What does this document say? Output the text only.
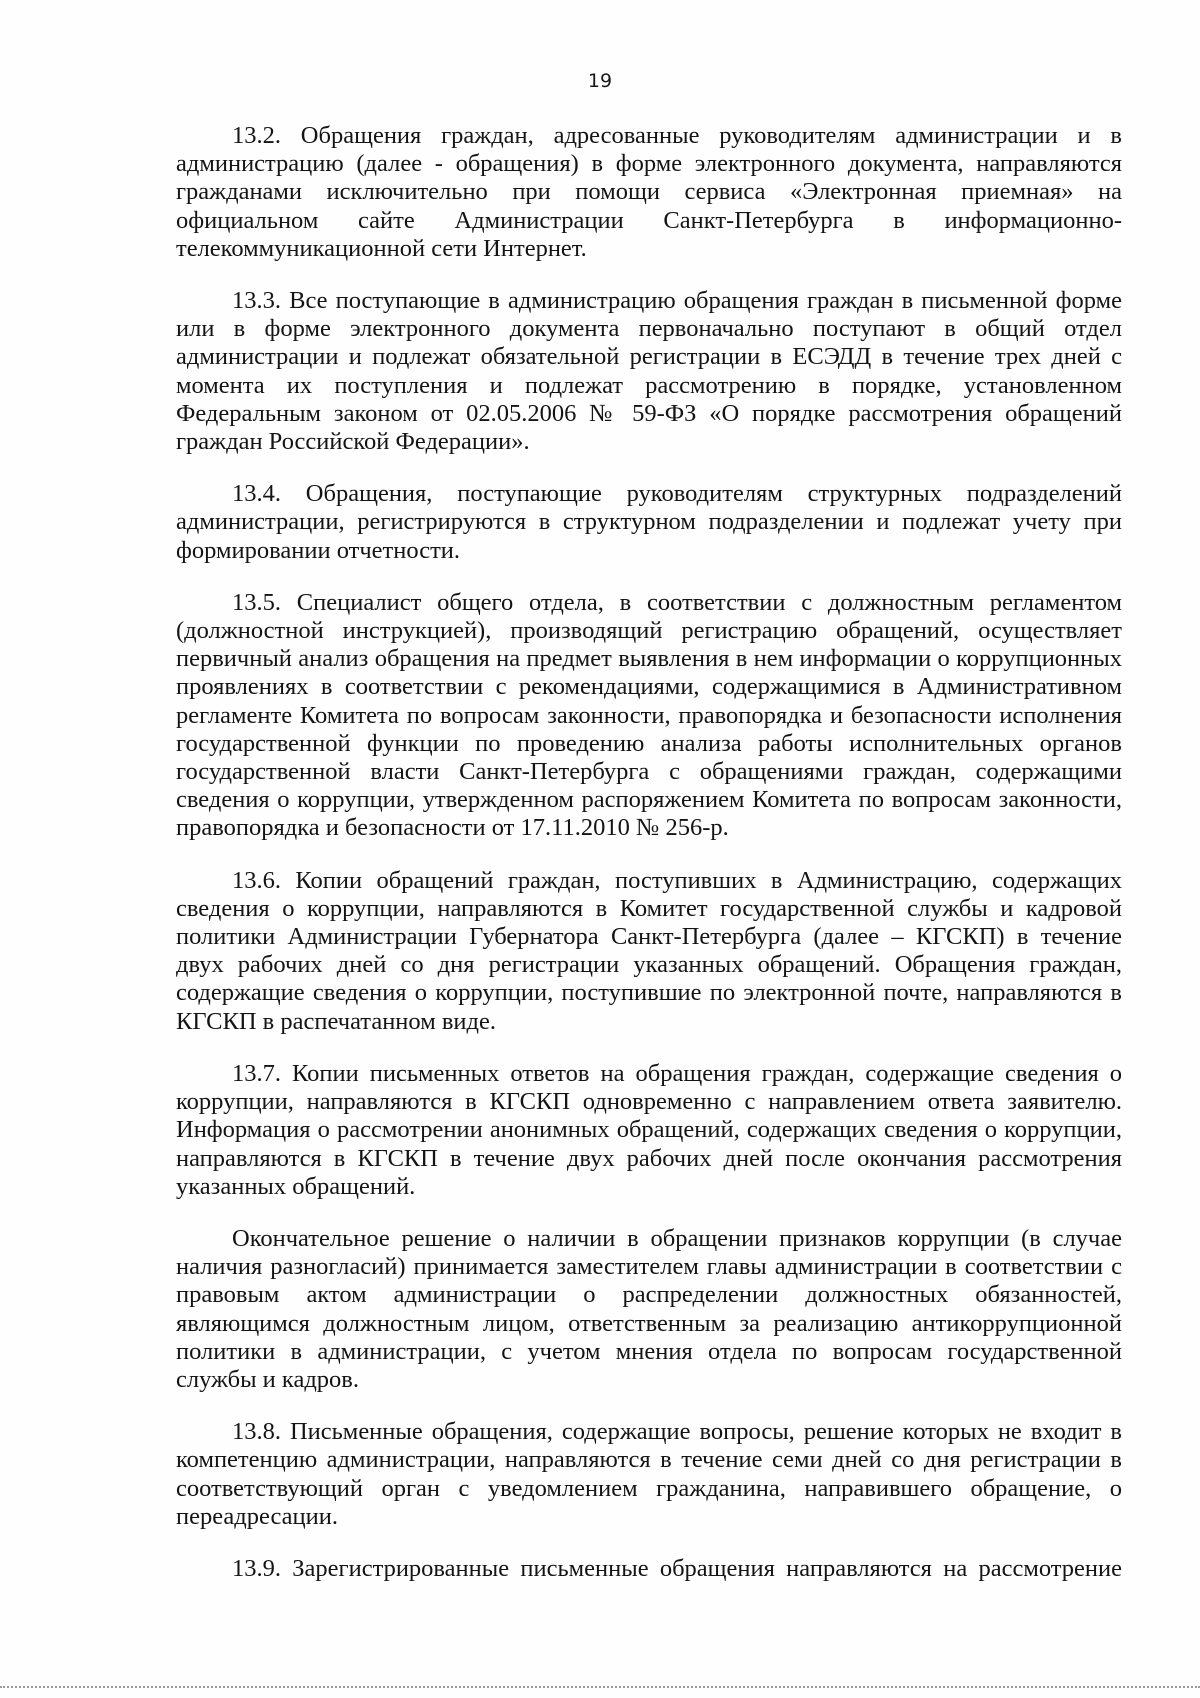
19

13.2. Обращения граждан, адресованные руководителям администрации и в администрацию (далее - обращения) в форме электронного документа, направляются гражданами исключительно при помощи сервиса «Электронная приемная» на официальном сайте Администрации Санкт-Петербурга в информационно-телекоммуникационной сети Интернет.

13.3. Все поступающие в администрацию обращения граждан в письменной форме или в форме электронного документа первоначально поступают в общий отдел администрации и подлежат обязательной регистрации в ЕСЭДД в течение трех дней с момента их поступления и подлежат рассмотрению в порядке, установленном Федеральным законом от 02.05.2006 № 59-ФЗ «О порядке рассмотрения обращений граждан Российской Федерации».

13.4. Обращения, поступающие руководителям структурных подразделений администрации, регистрируются в структурном подразделении и подлежат учету при формировании отчетности.

13.5. Специалист общего отдела, в соответствии с должностным регламентом (должностной инструкцией), производящий регистрацию обращений, осуществляет первичный анализ обращения на предмет выявления в нем информации о коррупционных проявлениях в соответствии с рекомендациями, содержащимися в Административном регламенте Комитета по вопросам законности, правопорядка и безопасности исполнения государственной функции по проведению анализа работы исполнительных органов государственной власти Санкт-Петербурга с обращениями граждан, содержащими сведения о коррупции, утвержденном распоряжением Комитета по вопросам законности, правопорядка и безопасности от 17.11.2010 № 256-р.

13.6. Копии обращений граждан, поступивших в Администрацию, содержащих сведения о коррупции, направляются в Комитет государственной службы и кадровой политики Администрации Губернатора Санкт-Петербурга (далее – КГСКП) в течение двух рабочих дней со дня регистрации указанных обращений. Обращения граждан, содержащие сведения о коррупции, поступившие по электронной почте, направляются в КГСКП в распечатанном виде.

13.7. Копии письменных ответов на обращения граждан, содержащие сведения о коррупции, направляются в КГСКП одновременно с направлением ответа заявителю. Информация о рассмотрении анонимных обращений, содержащих сведения о коррупции, направляются в КГСКП в течение двух рабочих дней после окончания рассмотрения указанных обращений.

Окончательное решение о наличии в обращении признаков коррупции (в случае наличия разногласий) принимается заместителем главы администрации в соответствии с правовым актом администрации о распределении должностных обязанностей, являющимся должностным лицом, ответственным за реализацию антикоррупционной политики в администрации, с учетом мнения отдела по вопросам государственной службы и кадров.

13.8. Письменные обращения, содержащие вопросы, решение которых не входит в компетенцию администрации, направляются в течение семи дней со дня регистрации в соответствующий орган с уведомлением гражданина, направившего обращение, о переадресации.

13.9. Зарегистрированные письменные обращения направляются на рассмотрение
